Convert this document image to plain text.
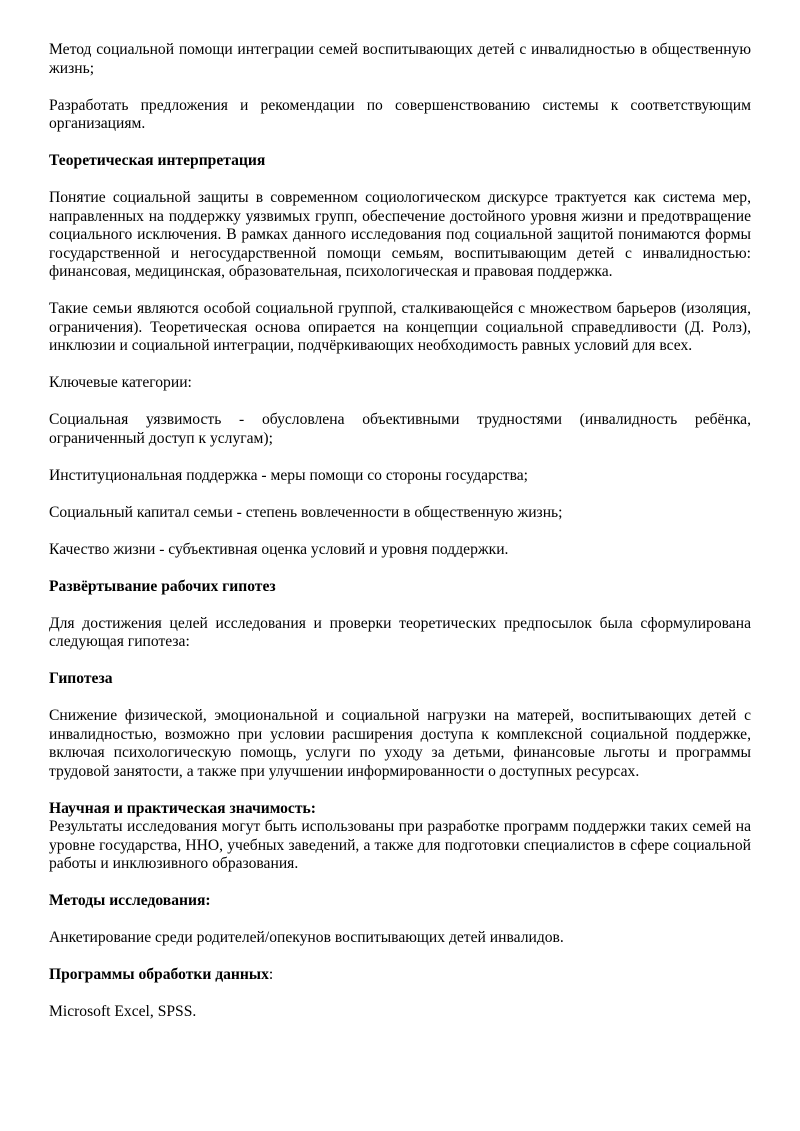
Метод социальной помощи интеграции семей воспитывающих детей с инвалидностью в общественную жизнь;

Разработать предложения и рекомендации по совершенствованию системы к соответствующим организациям.

Теоретическая интерпретация

Понятие социальной защиты в современном социологическом дискурсе трактуется как система мер, направленных на поддержку уязвимых групп, обеспечение достойного уровня жизни и предотвращение социального исключения. В рамках данного исследования под социальной защитой понимаются формы государственной и негосударственной помощи семьям, воспитывающим детей с инвалидностью: финансовая, медицинская, образовательная, психологическая и правовая поддержка.

Такие семьи являются особой социальной группой, сталкивающейся с множеством барьеров (изоляция, ограничения). Теоретическая основа опирается на концепции социальной справедливости (Д. Ролз), инклюзии и социальной интеграции, подчёркивающих необходимость равных условий для всех.

Ключевые категории:

Социальная уязвимость - обусловлена объективными трудностями (инвалидность ребёнка, ограниченный доступ к услугам);

Институциональная поддержка - меры помощи со стороны государства;

Социальный капитал семьи - степень вовлеченности в общественную жизнь;

Качество жизни - субъективная оценка условий и уровня поддержки.

Развёртывание рабочих гипотез

Для достижения целей исследования и проверки теоретических предпосылок была сформулирована следующая гипотеза:

Гипотеза

Снижение физической, эмоциональной и социальной нагрузки на матерей, воспитывающих детей с инвалидностью, возможно при условии расширения доступа к комплексной социальной поддержке, включая психологическую помощь, услуги по уходу за детьми, финансовые льготы и программы трудовой занятости, а также при улучшении информированности о доступных ресурсах.

Научная и практическая значимость:

Результаты исследования могут быть использованы при разработке программ поддержки таких семей на уровне государства, ННО, учебных заведений, а также для подготовки специалистов в сфере социальной работы и инклюзивного образования.

Методы исследования:

Анкетирование среди родителей/опекунов воспитывающих детей инвалидов.

Программы обработки данных:

Microsoft Excel, SPSS.
